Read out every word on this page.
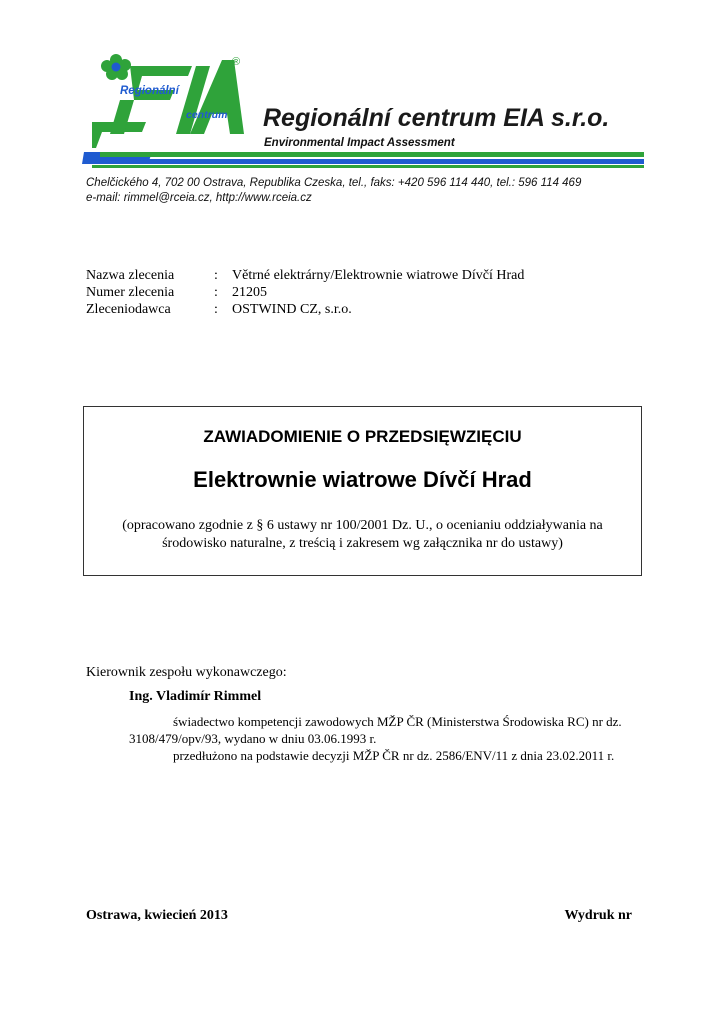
Regionální
centrum
®
Regionální centrum EIA s.r.o.
Environmental Impact Assessment
Chelčického 4, 702 00 Ostrava, Republika Czeska, tel., faks: +420 596 114 440, tel.: 596 114 469
e-mail: rimmel@rceia.cz, http://www.rceia.cz
Nazwa zlecenia	: Větrné elektrárny/Elektrownie wiatrowe Dívčí Hrad
Numer zlecenia	: 21205
Zleceniodawca	: OSTWIND CZ, s.r.o.
ZAWIADOMIENIE O PRZEDSIĘWZIĘCIU
Elektrownie wiatrowe Dívčí Hrad
(opracowano zgodnie z § 6 ustawy nr 100/2001 Dz. U., o ocenianiu oddziaływania na środowisko naturalne, z treścią i zakresem wg załącznika nr do ustawy)
Kierownik zespołu wykonawczego:
Ing. Vladimír Rimmel
świadectwo kompetencji zawodowych MŽP ČR (Ministerstwa Środowiska RC) nr dz.
3108/479/opv/93, wydano w dniu 03.06.1993 r.
przedłużono na podstawie decyzji MŽP ČR nr dz. 2586/ENV/11 z dnia 23.02.2011 r.
Ostrawa, kwiecień 2013	Wydruk nr
